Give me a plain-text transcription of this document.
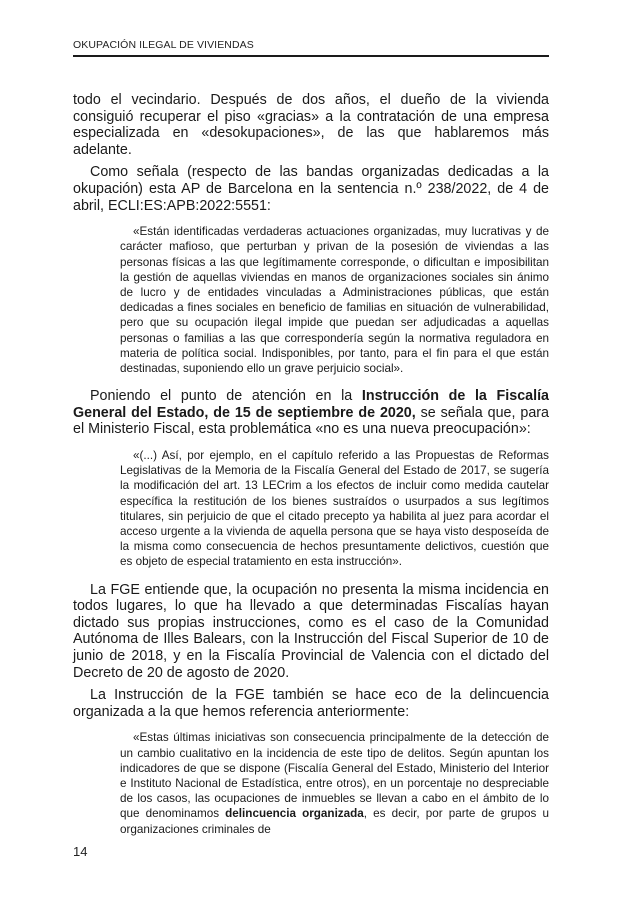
OKUPACIÓN ILEGAL DE VIVIENDAS

todo el vecindario. Después de dos años, el dueño de la vivienda consiguió recuperar el piso «gracias» a la contratación de una empresa especializada en «desokupaciones», de las que hablaremos más adelante.

Como señala (respecto de las bandas organizadas dedicadas a la okupación) esta AP de Barcelona en la sentencia n.º 238/2022, de 4 de abril, ECLI:ES:APB:2022:5551:

«Están identificadas verdaderas actuaciones organizadas, muy lucrativas y de carácter mafioso, que perturban y privan de la posesión de viviendas a las personas físicas a las que legítimamente corresponde, o dificultan e imposibilitan la gestión de aquellas viviendas en manos de organizaciones sociales sin ánimo de lucro y de entidades vinculadas a Administraciones públicas, que están dedicadas a fines sociales en beneficio de familias en situación de vulnerabilidad, pero que su ocupación ilegal impide que puedan ser adjudicadas a aquellas personas o familias a las que correspondería según la normativa reguladora en materia de política social. Indisponibles, por tanto, para el fin para el que están destinadas, suponiendo ello un grave perjuicio social».

Poniendo el punto de atención en la Instrucción de la Fiscalía General del Estado, de 15 de septiembre de 2020, se señala que, para el Ministerio Fiscal, esta problemática «no es una nueva preocupación»:

«(...) Así, por ejemplo, en el capítulo referido a las Propuestas de Reformas Legislativas de la Memoria de la Fiscalía General del Estado de 2017, se sugería la modificación del art. 13 LECrim a los efectos de incluir como medida cautelar específica la restitución de los bienes sustraídos o usurpados a sus legítimos titulares, sin perjuicio de que el citado precepto ya habilita al juez para acordar el acceso urgente a la vivienda de aquella persona que se haya visto desposeída de la misma como consecuencia de hechos presuntamente delictivos, cuestión que es objeto de especial tratamiento en esta instrucción».

La FGE entiende que, la ocupación no presenta la misma incidencia en todos lugares, lo que ha llevado a que determinadas Fiscalías hayan dictado sus propias instrucciones, como es el caso de la Comunidad Autónoma de Illes Balears, con la Instrucción del Fiscal Superior de 10 de junio de 2018, y en la Fiscalía Provincial de Valencia con el dictado del Decreto de 20 de agosto de 2020.

La Instrucción de la FGE también se hace eco de la delincuencia organizada a la que hemos referencia anteriormente:

«Estas últimas iniciativas son consecuencia principalmente de la detección de un cambio cualitativo en la incidencia de este tipo de delitos. Según apuntan los indicadores de que se dispone (Fiscalía General del Estado, Ministerio del Interior e Instituto Nacional de Estadística, entre otros), en un porcentaje no despreciable de los casos, las ocupaciones de inmuebles se llevan a cabo en el ámbito de lo que denominamos delincuencia organizada, es decir, por parte de grupos u organizaciones criminales de

14
